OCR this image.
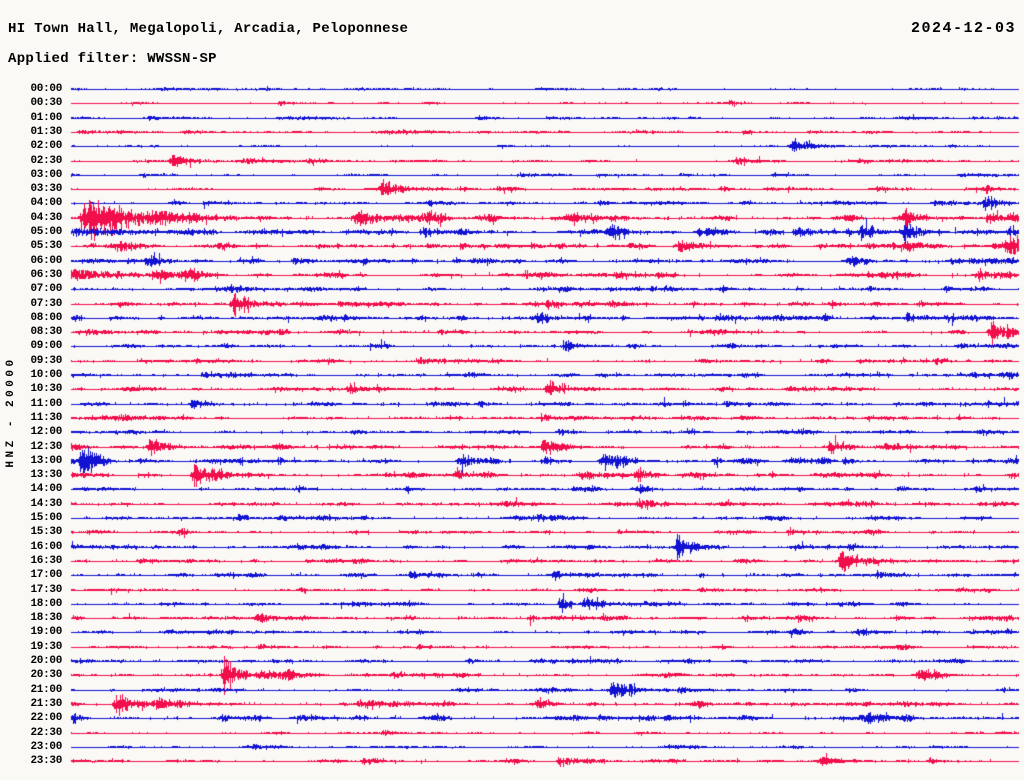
HI Town Hall, Megalopoli, Arcadia, Peloponnese	2024-12-03
Applied filter: WWSSN-SP
HNZ - 20000
00:00
00:30
01:00
01:30
02:00
02:30
03:00
03:30
04:00
04:30
05:00
05:30
06:00
06:30
07:00
07:30
08:00
08:30
09:00
09:30
10:00
10:30
11:00
11:30
12:00
12:30
13:00
13:30
14:00
14:30
15:00
15:30
16:00
16:30
17:00
17:30
18:00
18:30
19:00
19:30
20:00
20:30
21:00
21:30
22:00
22:30
23:00
23:30
